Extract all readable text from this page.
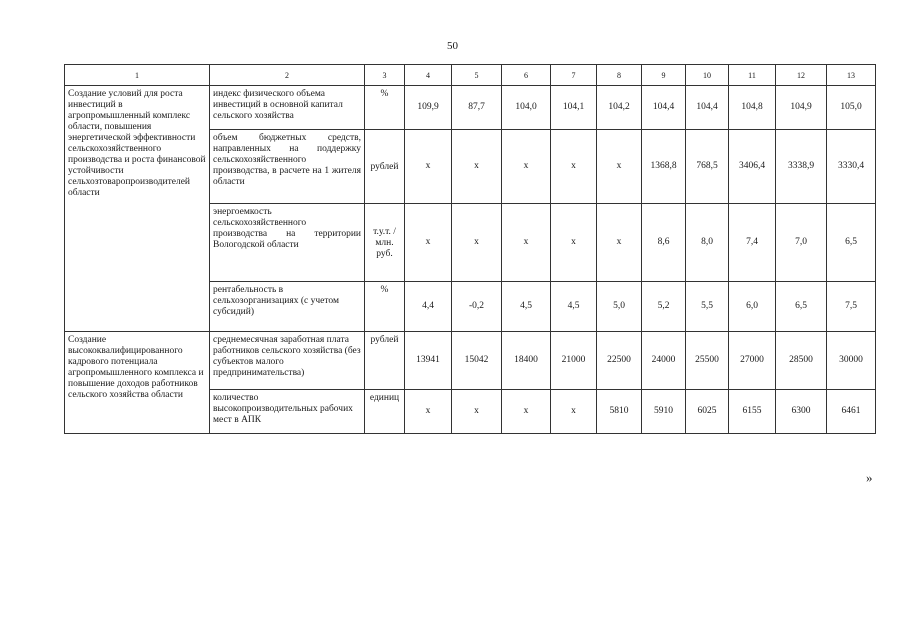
50
1	2	3	4	5	6	7	8	9	10	11	12	13
Создание условий для роста инвестиций в агропромышленный комплекс области, повышения энергетической эффективности сельскохозяйственного производства и роста финансовой устойчивости сельхозтоваропроизводителей области	индекс физического объема инвестиций в основной капитал сельского хозяйства	%	109,9	87,7	104,0	104,1	104,2	104,4	104,4	104,8	104,9	105,0
	объем бюджетных средств, направленных на поддержку сельскохозяйственного производства, в расчете на 1 жителя области	рублей	х	х	х	х	х	1368,8	768,5	3406,4	3338,9	3330,4
	энергоемкость сельскохозяйственного производства на территории Вологодской области	т.у.т. / млн. руб.	х	х	х	х	х	8,6	8,0	7,4	7,0	6,5
	рентабельность в сельхозорганизациях (с учетом субсидий)	%	4,4	-0,2	4,5	4,5	5,0	5,2	5,5	6,0	6,5	7,5
Создание высококвалифицированного кадрового потенциала агропромышленного комплекса и повышение доходов работников сельского хозяйства области	среднемесячная заработная плата работников сельского хозяйства (без субъектов малого предпринимательства)	рублей	13941	15042	18400	21000	22500	24000	25500	27000	28500	30000
	количество высокопроизводительных рабочих мест в АПК	единиц	х	х	х	х	5810	5910	6025	6155	6300	6461
»
